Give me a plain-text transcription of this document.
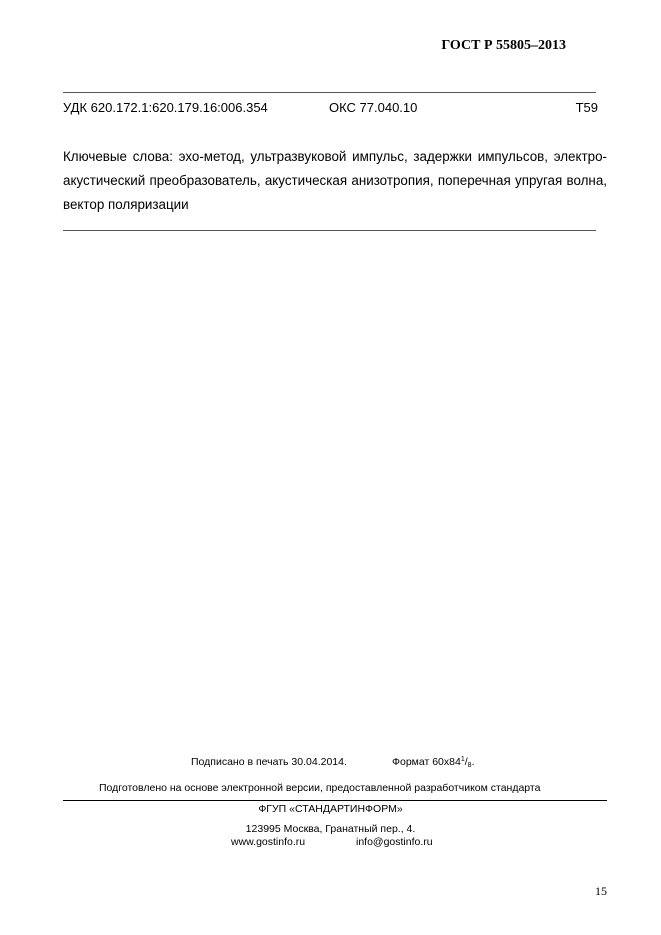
ГОСТ Р 55805–2013
УДК 620.172.1:620.179.16:006.354	ОКС 77.040.10	Т59
Ключевые слова: эхо-метод, ультразвуковой импульс, задержки импульсов, электро-акустический преобразователь, акустическая анизотропия, поперечная упругая волна, вектор поляризации
Подписано в печать 30.04.2014.	Формат $60x84^1/_8$.
Подготовлено на основе электронной версии, предоставленной разработчиком стандарта
ФГУП «СТАНДАРТИНФОРМ»
123995 Москва, Гранатный пер., 4.
www.gostinfo.ru	info@gostinfo.ru
15
